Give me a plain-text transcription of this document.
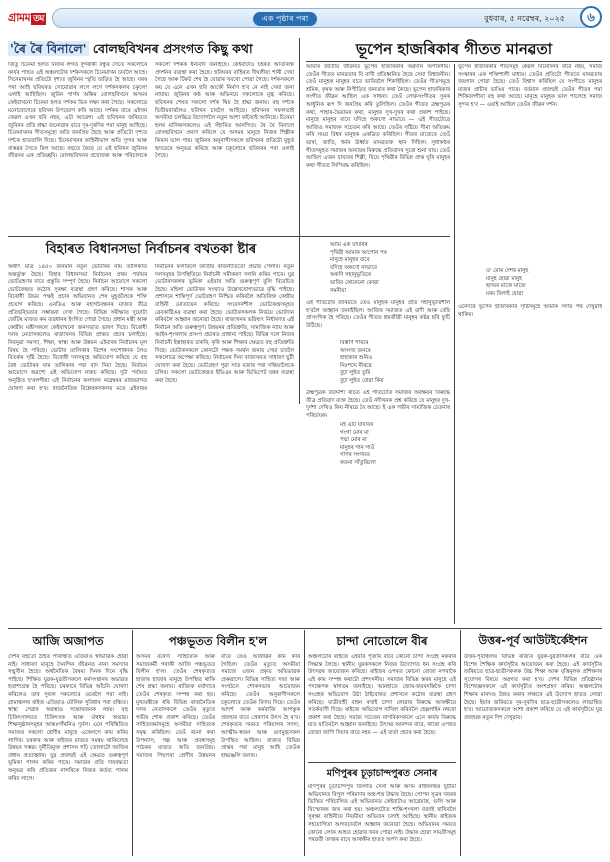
গ্ৰামম তম	এক পৃষ্ঠাৰ পৰা	বুধবাৰ, ৫ নৱেম্বৰ, ২০২৫	৬
'ৰৈ ৰৈ বিনালে' বোলছবিখনৰ প্ৰসংগত কিছু কথা
জিতু চিনেমা হলত নিজৰ লগত দুগৰাকী বন্ধুৰ সৈতে সকলোৰে কাৰ্যৰ পাছত এই অঞ্চলটোৰ দৰ্শকসকলে চিনেমাখন চাবলৈ আহে। সিনেমাখনৰ প্ৰতিটো দৃশ্যত জুবিনৰ স্মৃতি জড়িত হৈ আছে। ঘৰৰ পৰা আহি ছবিঘৰত সোমোৱাৰ লগে লগে দৰ্শকসকলৰ চকুলো ওলাই আহিছিল। জুবিন গাৰ্গৰ অন্তিম বোলছবিখনে অসমৰ কেইবাখনো চিনেমা হলত দৰ্শকৰ ভিৰ লক্ষ্য কৰা গৈছে। সকলোৱে মনোযোগেৰে ছবিখন উপভোগ কৰি আছে। দৰ্শকৰ বাবে এইখন কেৱল এখন ছবি নহয়, এটা আৱেগ। এই ছবিখনৰ জৰিয়তে জুবিনৰ প্ৰতি শ্ৰদ্ধা জনোৱাৰ বাবে দূৰ-দূৰণিৰ পৰা মানুহ আহিছে। চিনেমাখনৰ গীতসমূহো অতি জনপ্ৰিয় হৈছে আৰু প্ৰতিটো দৃশ্যত দৰ্শকে হাততালি দিছে। চিনেমাখনৰ কাহিনীভাগ অতি সুন্দৰ আৰু বাস্তৱৰ সৈতে মিল আছে। বহুতে কৈছে যে এই ছবিখন জুবিনৰ জীৱনৰ এক প্ৰতিচ্ছবি। বোলছবিখনৰ প্ৰযোজক আৰু পৰিচালকে সকলো দৰ্শকক ধন্যবাদ জনাইছে। কেইবাটাও চহৰত অতিৰিক্ত প্ৰদৰ্শনৰ ব্যৱস্থা কৰা হৈছে। ছবিঘৰৰ বাহিৰত দীঘলীয়া শাৰী দেখা গৈছে আৰু টিকট শেষ হৈ যোৱাৰ খবৰো পোৱা গৈছে। দৰ্শকসকলে কয় যে এনে এখন ছবি আকৌ নিৰ্মাণ হ'ব নে নাই সেয়া জনা নাযায়। জুবিনৰ কণ্ঠ আৰু অভিনয়ে সকলোকে মুগ্ধ কৰিছে। ছবিখনৰ শেষত সকলো দৰ্শক থিয় হৈ শ্ৰদ্ধা জনায়। বহু দৰ্শকে দ্বিতীয়বাৰলৈও ছবিখন চাবলৈ আহিছে। ছবিখনৰ সফলতাই অসমীয়া চলচ্চিত্ৰ উদ্যোগলৈ নতুন আশা কঢ়িয়াই আনিছে। চিনেমা হলৰ মালিকসকলেও এই সঁহাৰিত আনন্দিত। ৰৈ ৰৈ বিনালে বোলছবিখনে প্ৰমাণ কৰিলে যে অসমৰ মানুহে নিজৰ শিল্পীক কিমান ভাল পায়। জুবিনৰ অনুৰাগীসকলে ছবিখনৰ প্ৰতিটো মুহূৰ্ত হৃদয়েৰে অনুভৱ কৰিছে আৰু চকুলোৰে ছবিঘৰৰ পৰা ওলাই গৈছে।
ভূপেন হাজৰিকাৰ গীতত মানৱতা
আমাৰ জাতীয় জীৱনত ভূপেন হাজৰিকাৰ অৱদান অপৰিসীম। তেওঁৰ গীতত মানৱতাৰ যি বাণী প্ৰতিধ্বনিত হৈছে সেয়া বিশ্বজনীন। তেওঁ মানুহক মানুহৰ বাবে ভাবিবলৈ শিকাইছিল। তেওঁৰ গীতসমূহে শ্ৰমিক, কৃষক আৰু নিপীড়িত জনতাৰ কথা কৈছে। ভূপেন হাজৰিকাৰ সংগীত জীৱন আছিল এক সাধনা। তেওঁ লোকসংগীতৰ সুৰক আধুনিক ৰূপ দি জনপ্ৰিয় কৰি তুলিছিল। তেওঁৰ গীতত ব্ৰহ্মপুত্ৰৰ কথা, পাহাৰ-ভৈয়ামৰ কথা, মানুহৰ সুখ-দুখৰ কথা প্ৰকাশ পাইছে। মানুহে মানুহৰ বাবে যদিহে অকণো নাভাবে — এই গীতটোৱে আজিও সমাজক সচেতন কৰি আছে। তেওঁৰ সৃষ্টিয়ে সীমা অতিক্ৰম কৰি সমগ্ৰ বিশ্বৰ মানুহক একত্ৰিত কৰিছিল। গীতৰ মাজেৰে তেওঁ ভাষা, জাতি, ধৰ্মৰ ঊৰ্ধ্বত মানৱতাক স্থান দিছিল। সুধাকণ্ঠৰ গীতসমূহত সমাজৰ অন্যায়ৰ বিৰুদ্ধে প্ৰতিবাদৰ সুৰো শুনা যায়। তেওঁ আছিল এজন যাযাবৰ শিল্পী, যিয়ে পৃথিৱীৰ বিভিন্ন প্ৰান্ত ঘূৰি মানুহৰ কথা গীতত লিপিবদ্ধ কৰিছিল।
আমি এক যাযাবৰ
পৃথিৱী আমাক আপোন পৰ
মানুহে মানুহৰ বাবে
যদিহে অকণো নাভাবে
অকণি সহানুভূতিৰে
ভাবিব কোনেনো কোৱা
সমনীয়া
এই গীতটোৰ জৰিয়তে তেওঁ মানুহক মানুহৰ প্ৰতি সহানুভূতিশীল হ'বলৈ আহ্বান জনাইছিল। আজিৰ সমাজত এই বাণী আৰু বেছি প্ৰাসংগিক হৈ পৰিছে। তেওঁৰ গীতত শ্ৰমজীৱী মানুহৰ কষ্টৰ ছবি ফুটি উঠিছে।
বিস্তীৰ্ণ পাৰৰে
অসংখ্য জনৰে
হাহাকাৰ শুনিও
নিঃশব্দে নীৰৱে
বুঢ়া লুইত তুমি
বুঢ়া লুইত বোৱা কিয়
ব্ৰহ্মপুত্ৰক উদ্দেশ্যি ৰচিত এই গীতটোত সমাজৰ অবক্ষয়ৰ বিৰুদ্ধে তীব্ৰ প্ৰতিবাদ ব্যক্ত হৈছে। তেওঁ নদীখনক প্ৰশ্ন কৰিছে যে মানুহৰ দুখ-দুৰ্দশা দেখিও কিয় নীৰৱে বৈ আছে। ই এক গভীৰ সামাজিক চেতনাৰ পৰিচায়ক।
মই এটি যাযাবৰ
গংগা মোৰ মা
পদ্মা মোৰ মা
মানুহৰ গান গাওঁ
সাগৰ সংগমত
কতনা সাঁতুৰিলো
ভূপেন হাজৰিকাৰ গীতসমূহ কেৱল বিনোদনৰ বাবে নহয়, সমাজ সংস্কাৰৰ এক শক্তিশালী মাধ্যম। তেওঁৰ প্ৰতিটো গীততে মানৱতাৰ জয়গান গোৱা হৈছে। তেওঁ বিশ্বাস কৰিছিল যে সংগীতে মানুহৰ মাজৰ প্ৰাচীৰ ভাঙিব পাৰে। বৰ্তমান প্ৰজন্মই তেওঁৰ গীতৰ পৰা শিকিবলগীয়া বহু কথা আছে। মানুহে মানুহক ভাল পালেহে সমাজ সুন্দৰ হ'ব — এয়াই আছিল তেওঁৰ জীৱন দৰ্শন।
ও' মোৰ দেশৰ মানুহ
মানুহ হোৱা মানুহ
হৃদয়ৰ মাজে মাজে
মৰম বিলাই যোৱা
এনেদৰে ভূপেন হাজৰিকাৰ সৃষ্টিসমূহে আমাক সদায় পথ দেখুৱাই থাকিব।
বিহাৰত বিধানসভা নিৰ্বাচনৰ বখতকা ষ্টাৰ
অৰ্থাৎ মাত্ৰ ১৪৫০ জনমান নতুন ভোটাৰৰ নাম তালিকাত অন্তৰ্ভুক্ত হৈছে। বিহাৰ বিধানসভা নিৰ্বাচনৰ প্ৰথম পৰ্যায়ৰ ভোটগ্ৰহণৰ বাবে প্ৰস্তুতি সম্পূৰ্ণ হৈছে। নিৰ্বাচন আয়োগে সকলো ভোটকেন্দ্ৰত কঠোৰ সুৰক্ষা ব্যৱস্থা গ্ৰহণ কৰিছে। শাসক আৰু বিৰোধী উভয় পক্ষই প্ৰচাৰ অভিযানত শেষ মুহূৰ্তলৈকে শক্তি প্ৰয়োগ কৰিছে। এনডিএ আৰু মহাগঠবন্ধনৰ মাজত তীব্ৰ প্ৰতিদ্বন্দ্বিতাৰ সম্ভাৱনা দেখা গৈছে। বিভিন্ন সমীক্ষাত দুয়োটা জোঁটৰ মাজত কম ব্যৱধানৰ ইংগিত পোৱা গৈছে। প্ৰধান মন্ত্ৰী আৰু কেন্দ্ৰীয় মন্ত্ৰীসকলে কেইবাখনো জনসভাত ভাষণ দিছে। বিৰোধী দলৰ নেতাসকলেও ৰাজ্যখনৰ বিভিন্ন প্ৰান্তত প্ৰচাৰ চলাইছে। নিবনুৱা সমস্যা, শিক্ষা, স্বাস্থ্য আৰু উন্নয়ন এইবাৰৰ নিৰ্বাচনৰ মূল বিষয় হৈ পৰিছে। ভোটাৰ তালিকাৰ বিশেষ সংশোধনক লৈও বিতৰ্কৰ সৃষ্টি হৈছে। বিৰোধী দলসমূহে অভিযোগ কৰিছে যে বহু বৈধ ভোটাৰৰ নাম তালিকাৰ পৰা বাদ দিয়া হৈছে। নিৰ্বাচন আয়োগে অৱশ্যে এই অভিযোগ নাকচ কৰিছে। দুটা পৰ্যায়ত অনুষ্ঠিত হ'বলগীয়া এই নিৰ্বাচনৰ ফলাফল নৱেম্বৰৰ মাজভাগত ঘোষণা কৰা হ'ব। ৰাজনৈতিক বিশ্লেষকসকলৰ মতে এইবাৰৰ নিৰ্বাচনৰ ফলাফলে জাতীয় ৰাজনীতিতো প্ৰভাৱ পেলাব। নতুন দলসমূহৰ উপস্থিতিয়ে নিৰ্বাচনী সমীকৰণ সলনি কৰিব পাৰে। যুৱ ভোটাৰসকলৰ ভূমিকা এইবাৰ অতি গুৰুত্বপূৰ্ণ বুলি বিবেচিত হৈছে। মহিলা ভোটাৰৰ সংখ্যাও উল্লেখযোগ্যভাৱে বৃদ্ধি পাইছে। প্ৰশাসনে শান্তিপূৰ্ণ ভোটগ্ৰহণ নিশ্চিত কৰিবলৈ অতিৰিক্ত কেন্দ্ৰীয় বাহিনী মোতায়েন কৰিছে। সংবেদনশীল ভোটকেন্দ্ৰসমূহত ৱেবকাষ্টিঙৰ ব্যৱস্থা কৰা হৈছে। ভোটাৰসকলক নিৰ্ভয়ে ভোটদান কৰিবলৈ আহ্বান জনোৱা হৈছে। ৰাজ্যখনৰ ভৱিষ্যৎ নিৰ্ধাৰণত এই নিৰ্বাচন অতি গুৰুত্বপূৰ্ণ। উন্নয়নৰ প্ৰতিশ্ৰুতি, সামাজিক ন্যায় আৰু আইন-শৃংখলাৰ প্ৰসংগ প্ৰচাৰত প্ৰাধান্য পাইছে। বিভিন্ন দলে নিজৰ নিৰ্বাচনী ইস্তাহাৰত চাকৰি, কৃষি আৰু শিক্ষাৰ ক্ষেত্ৰত বহু প্ৰতিশ্ৰুতি দিছে। ভোটাৰসকলে কোনটো পক্ষক সমৰ্থন জনায় সেয়া চাবলৈ সকলোৱে অপেক্ষা কৰিছে। নিৰ্বাচনৰ দিনা ৰাজ্যখনত সাধাৰণ ছুটী ঘোষণা কৰা হৈছে। ভোটগ্ৰহণ পুৱা সাত বজাৰ পৰা সন্ধিয়ালৈকে চলিব। সকলো ভোটকেন্দ্ৰত ইভিএম আৰু ভিভিপেট যন্ত্ৰৰ ব্যৱস্থা কৰা হৈছে।
আজি অজাপত
দেশৰ বহুতো ঠাইত পৰিস্থিতি এতিয়াও স্বাভাৱিক হোৱা নাই। সাধাৰণ মানুহে দৈনন্দিন জীৱনত নানা সমস্যাৰ সন্মুখীন হৈছে। অৰ্থনৈতিক বৈষম্য দিনক দিনে বৃদ্ধি পাইছে। শিক্ষিত যুৱক-যুৱতীসকলে কৰ্মসংস্থানৰ অভাৱত হতাশাগ্ৰস্ত হৈ পৰিছে। চৰকাৰে বিভিন্ন আঁচনি ঘোষণা কৰিলেও তাৰ সুফল সকলোৰে ওচৰলৈ পৰা নাই। গ্ৰামাঞ্চলৰ ৰাইজ এতিয়াও মৌলিক সুবিধাৰ পৰা বঞ্চিত। স্বাস্থ্য সেৱাৰ অৱস্থাও সন্তোষজনক নহয়। বহু চিকিৎসালয়ত চিকিৎসক আৰু ঔষধৰ অভাৱ। শিক্ষানুষ্ঠানসমূহৰ আন্তঃগাঁথনিও দুৰ্বল। এনে পৰিস্থিতিত সমাজৰ সকলো শ্ৰেণীৰ মানুহে একেলগে কাম কৰিব লাগিব। চৰকাৰ আৰু ৰাইজৰ মাজত সমন্বয় থাকিলেহে উন্নয়ন সম্ভৱ। দুৰ্নীতিমুক্ত প্ৰশাসন গঢ়ি তোলাটো আজিৰ প্ৰধান প্ৰত্যাহ্বান। যুৱ প্ৰজন্মই এই ক্ষেত্ৰত গুৰুত্বপূৰ্ণ ভূমিকা পালন কৰিব পাৰে। সমাজৰ প্ৰতি দায়বদ্ধতা অনুভৱ কৰি প্ৰতিজন নাগৰিকে নিজৰ কৰ্তব্য পালন কৰিব লাগে।
পঞ্চভূতত বিলীন হ'ল
অসমৰ বৰেণ্য সাহিত্যিক আৰু সমাজকৰ্মী গৰাকী আজি পঞ্চভূতত বিলীন হ'ল। তেওঁৰ শেষকৃত্যত হাজাৰ হাজাৰ মানুহে উপস্থিত থাকি শেষ শ্ৰদ্ধা জনায়। ৰাজ্যিক মৰ্যাদাৰে তেওঁৰ শেষকৃত্য সম্পন্ন কৰা হয়। মুখ্যমন্ত্ৰীকে ধৰি বিভিন্ন ৰাজনৈতিক দলৰ নেতাসকলে তেওঁৰ মৃত্যুত গভীৰ শোক প্ৰকাশ কৰিছে। তেওঁৰ সাহিত্যকৰ্মসমূহে অসমীয়া সাহিত্যক সমৃদ্ধ কৰিছিল। তেওঁ ৰচনা কৰা উপন্যাস, গল্প আৰু প্ৰবন্ধসমূহ পাঠকৰ মাজত অতি জনপ্ৰিয়। সমাজৰ পিছপৰা শ্ৰেণীৰ উন্নয়নৰ বাবে তেওঁ আজীৱন কাম কৰি গৈছিল। তেওঁৰ মৃত্যুত অসমীয়া সমাজে এজন প্ৰকৃত অভিভাৱক হেৰুৱালে। বিভিন্ন সাহিত্য সভা আৰু সংগঠনে শোকসভাৰ আয়োজন কৰিছে। তেওঁৰ অনুৰাগীসকলে চকুলোৰে তেওঁক বিদায় দিয়ে। তেওঁৰ আদৰ্শ আৰু কৰ্মৰাজি আগন্তুক প্ৰজন্মৰ বাবে প্ৰেৰণাৰ উৎস হৈ ৰ'ব। শেষকৃত্যৰ সময়ত পৰিয়ালৰ সদস্য, আত্মীয়-স্বজন আৰু গুণমুগ্ধসকল উপস্থিত আছিল। ৰাজ্যৰ বিভিন্ন প্ৰান্তৰ পৰা মানুহ আহি তেওঁক শ্ৰদ্ধাঞ্জলি জনায়।
চান্দা নোতোলে বীৰ
অঞ্চলটোৰ ৰাইজে এইবাৰ পূজাৰ বাবে কোনো চান্দা সংগ্ৰহ নকৰাৰ সিদ্ধান্ত লৈছে। স্থানীয় যুৱকসকলে নিজৰ উদ্যোগত ধন সংগ্ৰহ কৰি উৎসৱৰ আয়োজন কৰিছে। ৰাইজৰ ওপৰত কোনো বোজা নপৰাকৈ এই কাম সম্পন্ন কৰাটো প্ৰশংসনীয়। সমাজৰ বিভিন্ন স্তৰৰ মানুহে এই পদক্ষেপক স্বাগতম জনাইছে। আনহাতে জোৰ-জবৰদস্তিকৈ চান্দা সংগ্ৰহৰ অভিযোগ উঠা ঠাইবোৰত প্ৰশাসনে কঠোৰ ব্যৱস্থা গ্ৰহণ কৰিছে। যাত্ৰীবাহী বাহন ৰখাই চান্দা লোৱাৰ বিৰুদ্ধে আৰক্ষীয়ে সতৰ্কবাণী দিছে। ৰাইজে অভিযোগ দাখিল কৰিবলৈ হেল্পলাইন নম্বৰো প্ৰকাশ কৰা হৈছে। সমাজ সচেতন নাগৰিকসকলে এনে কাৰ্যৰ বিৰুদ্ধে মাত মাতিবলৈ আহ্বান জনাইছে। উৎসৱ আনন্দৰ বাবে, কাৰো ওপৰত বোজা জাপি দিয়াৰ বাবে নহয় — এই বাৰ্তা প্ৰচাৰ কৰা হৈছে।
মণিপুৰৰ চূড়াচান্দপুৰত সেনাৰ
মণিপুৰৰ চূড়াচান্দপুৰ জিলাত সেনা আৰু অসম ৰাইফলছৰ যুটীয়া অভিযানত বিপুল পৰিমাণৰ অস্ত্ৰ-শস্ত্ৰ উদ্ধাৰ হৈছে। গোপন সূত্ৰৰ খবৰৰ ভিত্তিত পৰিচালিত এই অভিযানত কেইবাটাও আগ্নেয়াস্ত্ৰ, গুলি আৰু বিস্ফোৰক জব্দ কৰা হয়। অঞ্চলটোত শান্তি-শৃংখলা বজাই ৰাখিবলৈ সুৰক্ষা বাহিনীয়ে নিয়মীয়া অভিযান চলাই আহিছে। স্থানীয় ৰাইজক সহযোগিতা আগবঢ়াবলৈ আহ্বান জনোৱা হৈছে। অভিযানৰ সময়ত কোনো লোক আহত হোৱাৰ খবৰ পোৱা নাই। উদ্ধাৰ হোৱা সামগ্ৰীসমূহ পৰৱৰ্তী তদন্তৰ বাবে আৰক্ষীৰ হাতত অৰ্পণ কৰা হৈছে।
উত্তৰ-পূৰ্ব আউটইৰ্কেইশন
উত্তৰ-পূৰ্বাঞ্চলৰ বিভিন্ন ৰাজ্যৰ যুৱক-যুৱতীসকলৰ বাবে এক বিশেষ শৈক্ষিক কাৰ্যসূচীৰ আয়োজন কৰা হৈছে। এই কাৰ্যসূচীৰ জৰিয়তে ছাত্ৰ-ছাত্ৰীসকলক উচ্চ শিক্ষা আৰু বৃত্তিমূলক প্ৰশিক্ষণৰ সুযোগৰ বিষয়ে অৱগত কৰা হ'ব। দেশৰ বিভিন্ন প্ৰতিষ্ঠানৰ বিশেষজ্ঞসকলে এই কাৰ্যসূচীত অংশগ্ৰহণ কৰিব। অঞ্চলটোৰ শিক্ষাৰ মানদণ্ড উন্নত কৰাৰ লক্ষ্যৰে এই উদ্যোগ হাতত লোৱা হৈছে। ইয়াৰ জৰিয়তে দূৰ-দূৰণিৰ ছাত্ৰ-ছাত্ৰীসকলেও লাভান্বিত হ'ব। আয়োজকসকলে আশা প্ৰকাশ কৰিছে যে এই কাৰ্যসূচীয়ে যুৱ প্ৰজন্মক নতুন দিশ দেখুৱাব।
